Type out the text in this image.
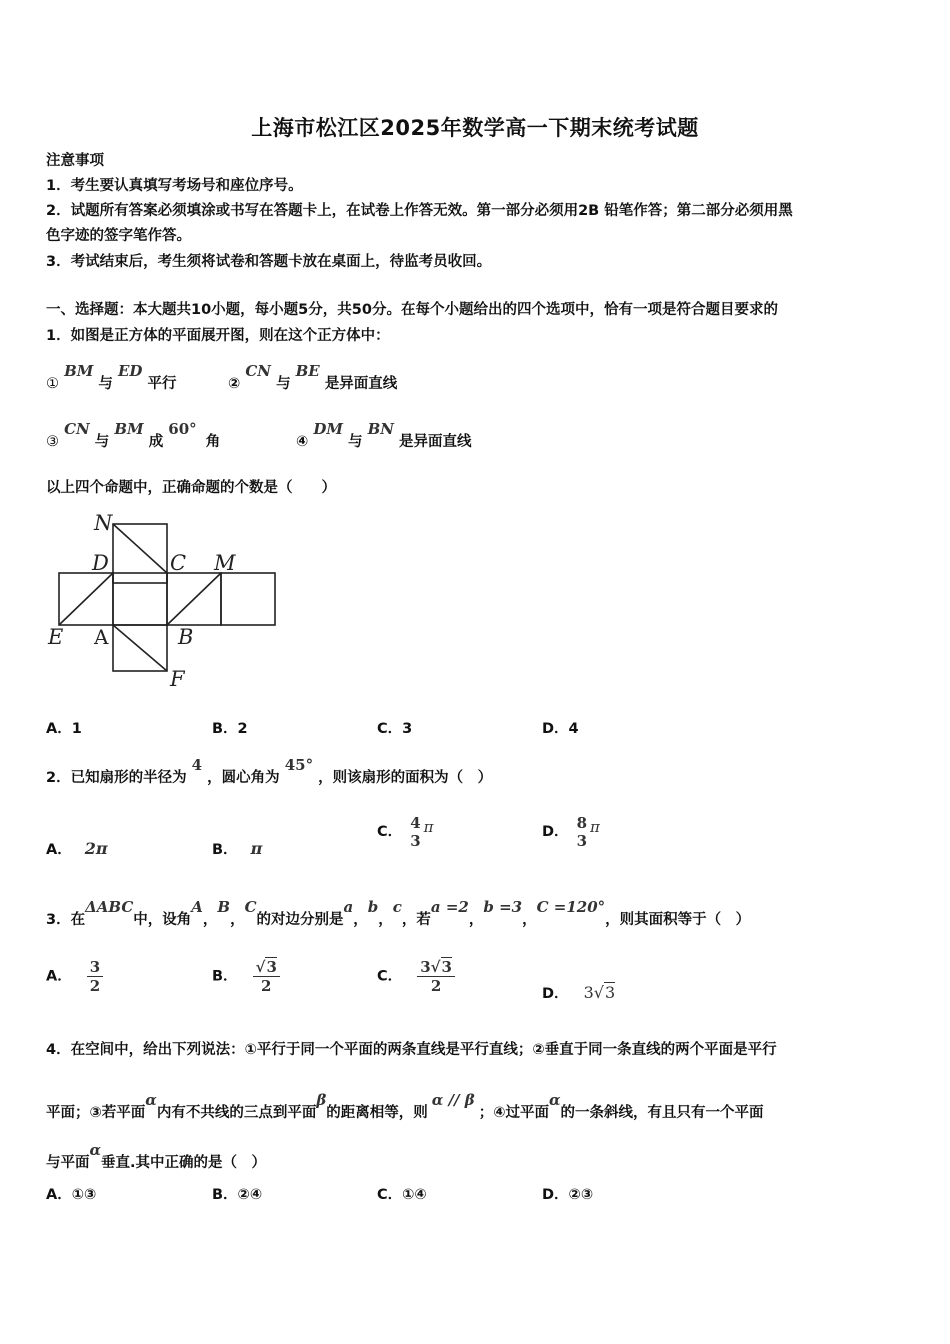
上海市松江区2025年数学高一下期末统考试题
注意事项
1．考生要认真填写考场号和座位序号。
2．试题所有答案必须填涂或书写在答题卡上，在试卷上作答无效。第一部分必须用2B 铅笔作答；第二部分必须用黑
色字迹的签字笔作答。
3．考试结束后，考生须将试卷和答题卡放在桌面上，待监考员收回。
一、选择题：本大题共10小题，每小题5分，共50分。在每个小题给出的四个选项中，恰有一项是符合题目要求的
1．如图是正方体的平面展开图，则在这个正方体中：
① BM 与 ED 平行	② CN 与 BE 是异面直线
③ CN 与 BM 成 60° 角	④ DM 与 BN 是异面直线
以上四个命题中，正确命题的个数是（　　）
N
D	C M
E	B
F
A
A．1	B．2	C．3	D．4
2．已知扇形的半径为 4 ，圆心角为 45° ，则该扇形的面积为（　）
A． 2π	B． π
C． 4
3
π	D． 8
3
π
3．在ΔABC中，设角A，B，C的对边分别是a，b，c，若a =2，b =3，C =120°，则其面积等于（　）
A． $\frac{3}{2}$	B． $\frac{√3}{2}$	C． $\frac{3√3}{2}$	D． 3√3
4．在空间中，给出下列说法：①平行于同一个平面的两条直线是平行直线；②垂直于同一条直线的两个平面是平行
平面；③若平面α内有不共线的三点到平面β的距离相等，则α // β；④过平面α的一条斜线，有且只有一个平面
与平面α垂直.其中正确的是（　）
A．①③	B．②④	C．①④	D．②③
